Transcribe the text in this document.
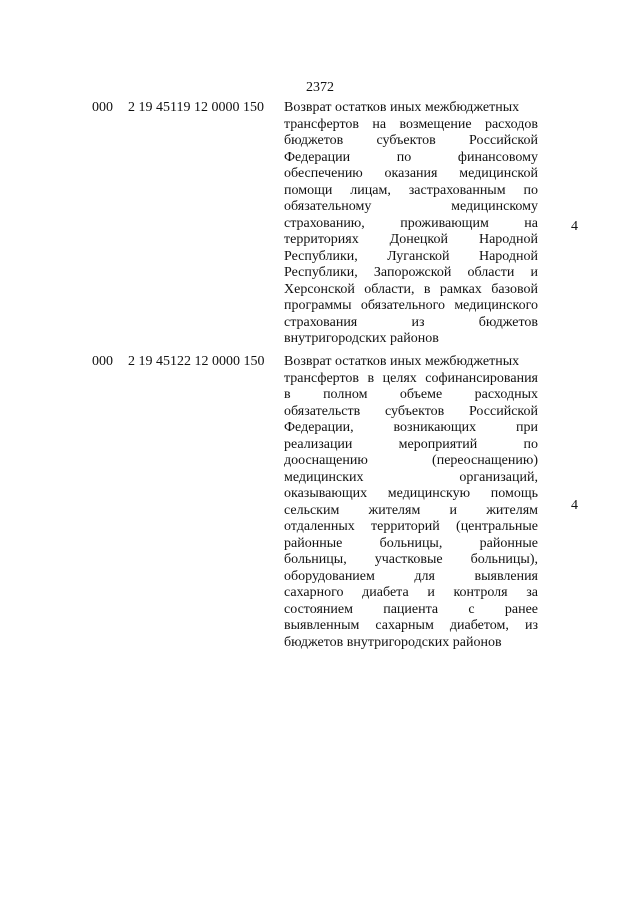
2372
000 2 19 45119 12 0000 150 Возврат остатков иных межбюджетных
трансфертов на возмещение расходов
бюджетов субъектов Российской
Федерации по финансовому
обеспечению оказания медицинской
помощи лицам, застрахованным по
обязательному медицинскому
страхованию, проживающим на
территориях Донецкой Народной
Республики, Луганской Народной
Республики, Запорожской области и
Херсонской области, в рамках базовой
программы обязательного медицинского
страхования из бюджетов
внутригородских районов
4
000 2 19 45122 12 0000 150 Возврат остатков иных межбюджетных
трансфертов в целях софинансирования
в полном объеме расходных
обязательств субъектов Российской
Федерации, возникающих при
реализации мероприятий по
дооснащению (переоснащению)
медицинских организаций,
оказывающих медицинскую помощь
сельским жителям и жителям
отдаленных территорий (центральные
районные больницы, районные
больницы, участковые больницы),
оборудованием для выявления
сахарного диабета и контроля за
состоянием пациента с ранее
выявленным сахарным диабетом, из
бюджетов внутригородских районов
4
